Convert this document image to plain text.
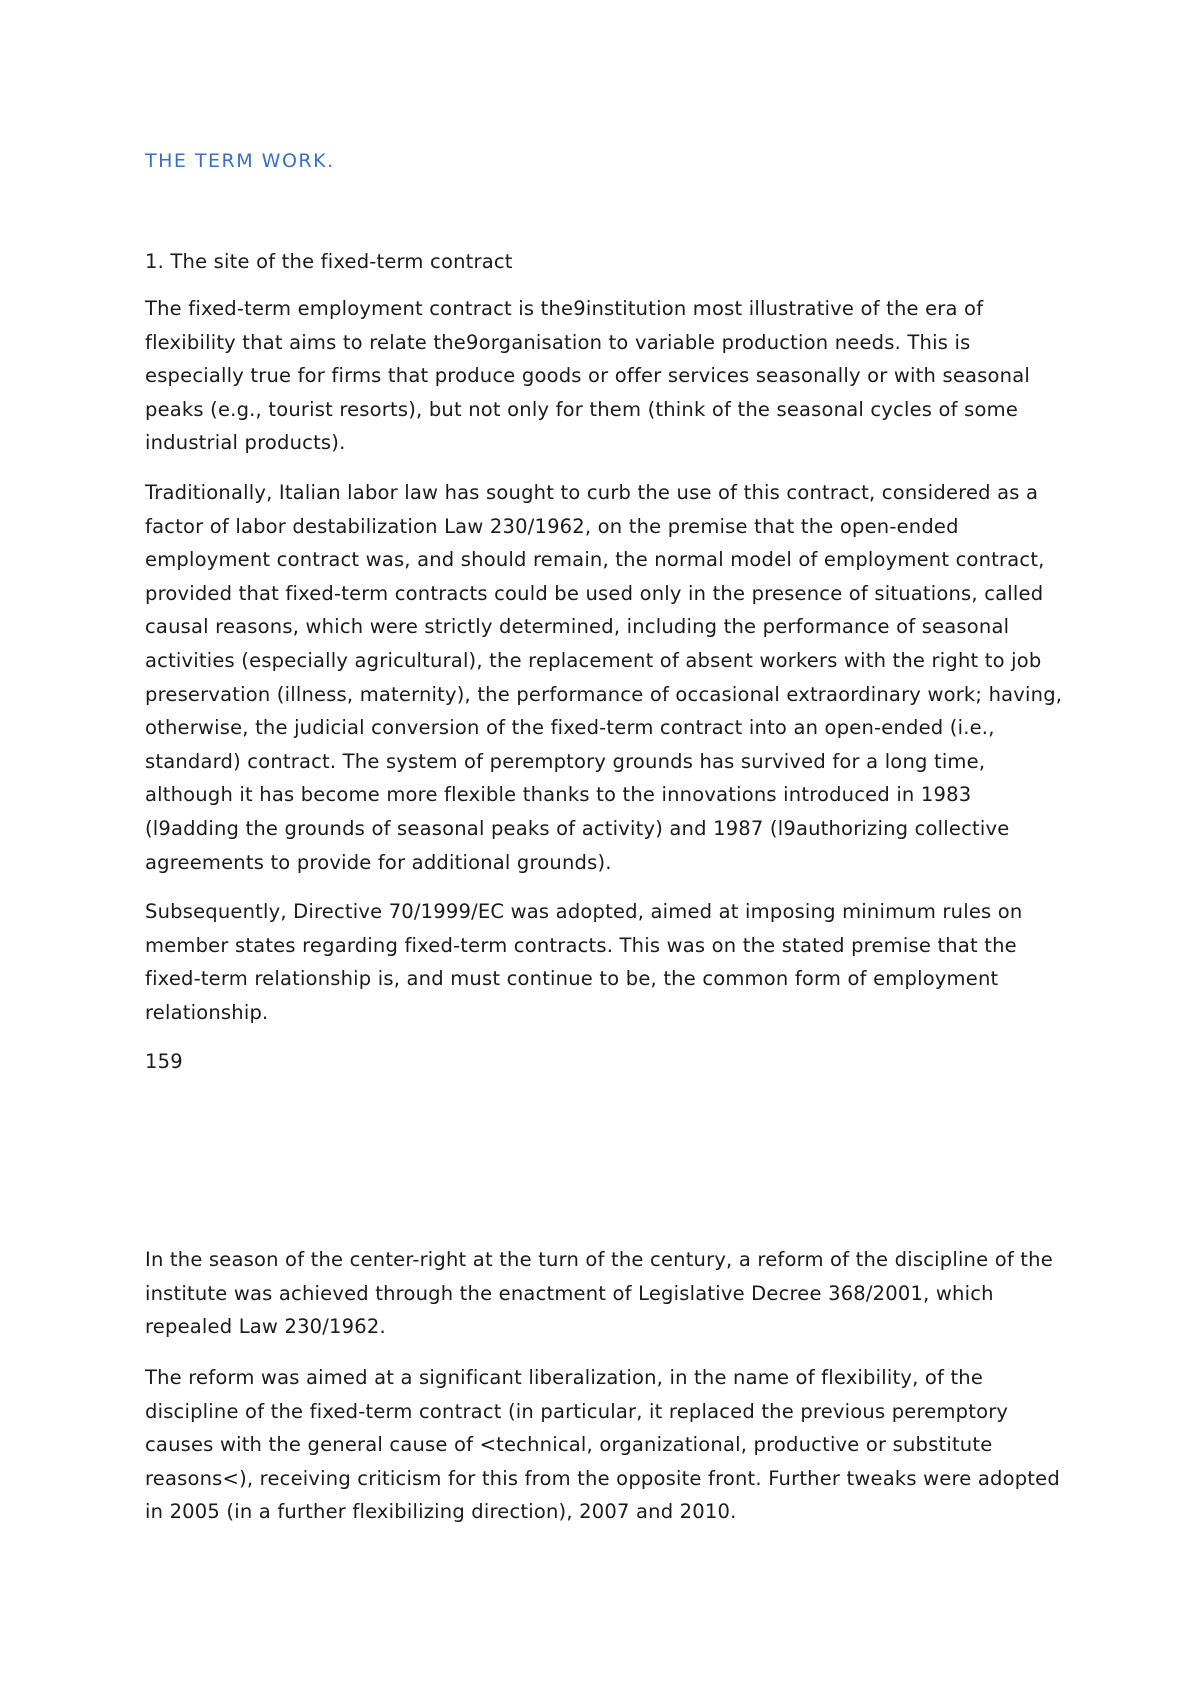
THE TERM WORK.
1. The site of the fixed-term contract

The fixed-term employment contract is the9institution most illustrative of the era of flexibility that aims to relate the9organisation to variable production needs. This is especially true for firms that produce goods or offer services seasonally or with seasonal peaks (e.g., tourist resorts), but not only for them (think of the seasonal cycles of some industrial products).

Traditionally, Italian labor law has sought to curb the use of this contract, considered as a factor of labor destabilization Law 230/1962, on the premise that the open-ended employment contract was, and should remain, the normal model of employment contract, provided that fixed-term contracts could be used only in the presence of situations, called causal reasons, which were strictly determined, including the performance of seasonal activities (especially agricultural), the replacement of absent workers with the right to job preservation (illness, maternity), the performance of occasional extraordinary work; having, otherwise, the judicial conversion of the fixed-term contract into an open-ended (i.e., standard) contract. The system of peremptory grounds has survived for a long time, although it has become more flexible thanks to the innovations introduced in 1983 (l9adding the grounds of seasonal peaks of activity) and 1987 (l9authorizing collective agreements to provide for additional grounds).

Subsequently, Directive 70/1999/EC was adopted, aimed at imposing minimum rules on member states regarding fixed-term contracts. This was on the stated premise that the fixed-term relationship is, and must continue to be, the common form of employment relationship.

159

In the season of the center-right at the turn of the century, a reform of the discipline of the institute was achieved through the enactment of Legislative Decree 368/2001, which repealed Law 230/1962.

The reform was aimed at a significant liberalization, in the name of flexibility, of the discipline of the fixed-term contract (in particular, it replaced the previous peremptory causes with the general cause of <technical, organizational, productive or substitute reasons<), receiving criticism for this from the opposite front. Further tweaks were adopted in 2005 (in a further flexibilizing direction), 2007 and 2010.
